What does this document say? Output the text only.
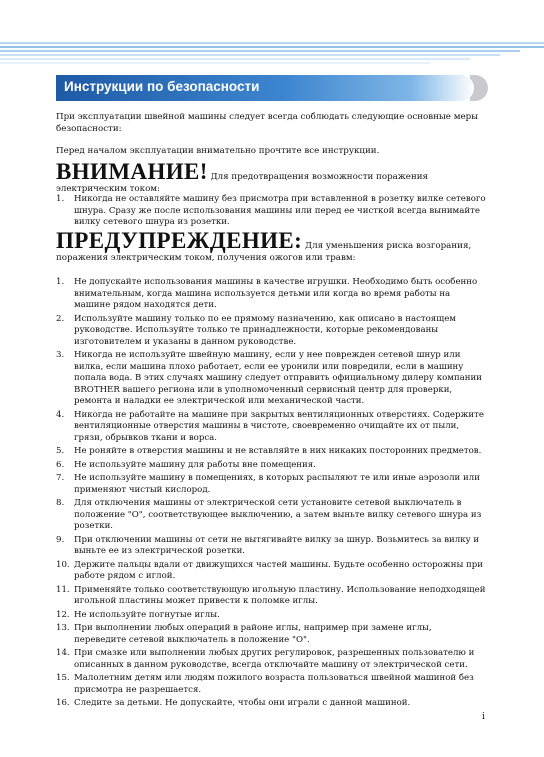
Инструкции по безопасности

При эксплуатации швейной машины следует всегда соблюдать следующие основные меры безопасности:

Перед началом эксплуатации внимательно прочтите все инструкции.

ВНИМАНИЕ! Для предотвращения возможности поражения электрическим током:

1. Никогда не оставляйте машину без присмотра при вставленной в розетку вилке сетевого шнура. Сразу же после использования машины или перед ее чисткой всегда вынимайте вилку сетевого шнура из розетки.

ПРЕДУПРЕЖДЕНИЕ: Для уменьшения риска возгорания, поражения электрическим током, получения ожогов или травм:

1. Не допускайте использования машины в качестве игрушки. Необходимо быть особенно внимательным, когда машина используется детьми или когда во время работы на машине рядом находятся дети.
2. Используйте машину только по ее прямому назначению, как описано в настоящем руководстве. Используйте только те принадлежности, которые рекомендованы изготовителем и указаны в данном руководстве.
3. Никогда не используйте швейную машину, если у нее поврежден сетевой шнур или вилка, если машина плохо работает, если ее уронили или повредили, если в машину попала вода. В этих случаях машину следует отправить официальному дилеру компании BROTHER вашего региона или в уполномоченный сервисный центр для проверки, ремонта и наладки ее электрической или механической части.
4. Никогда не работайте на машине при закрытых вентиляционных отверстиях. Содержите вентиляционные отверстия машины в чистоте, своевременно очищайте их от пыли, грязи, обрывков ткани и ворса.
5. Не роняйте в отверстия машины и не вставляйте в них никаких посторонних предметов.
6. Не используйте машину для работы вне помещения.
7. Не используйте машину в помещениях, в которых распыляют те или иные аэрозоли или применяют чистый кислород.
8. Для отключения машины от электрической сети установите сетевой выключатель в положение "O", соответствующее выключению, а затем выньте вилку сетевого шнура из розетки.
9. При отключении машины от сети не вытягивайте вилку за шнур. Возьмитесь за вилку и выньте ее из электрической розетки.
10. Держите пальцы вдали от движущихся частей машины. Будьте особенно осторожны при работе рядом с иглой.
11. Применяйте только соответствующую игольную пластину. Использование неподходящей игольной пластины может привести к поломке иглы.
12. Не используйте погнутые иглы.
13. При выполнении любых операций в районе иглы, например при замене иглы, переведите сетевой выключатель в положение "O".
14. При смазке или выполнении любых других регулировок, разрешенных пользователю и описанных в данном руководстве, всегда отключайте машину от электрической сети.
15. Малолетним детям или людям пожилого возраста пользоваться швейной машиной без присмотра не разрешается.
16. Следите за детьми. Не допускайте, чтобы они играли с данной машиной.
i
